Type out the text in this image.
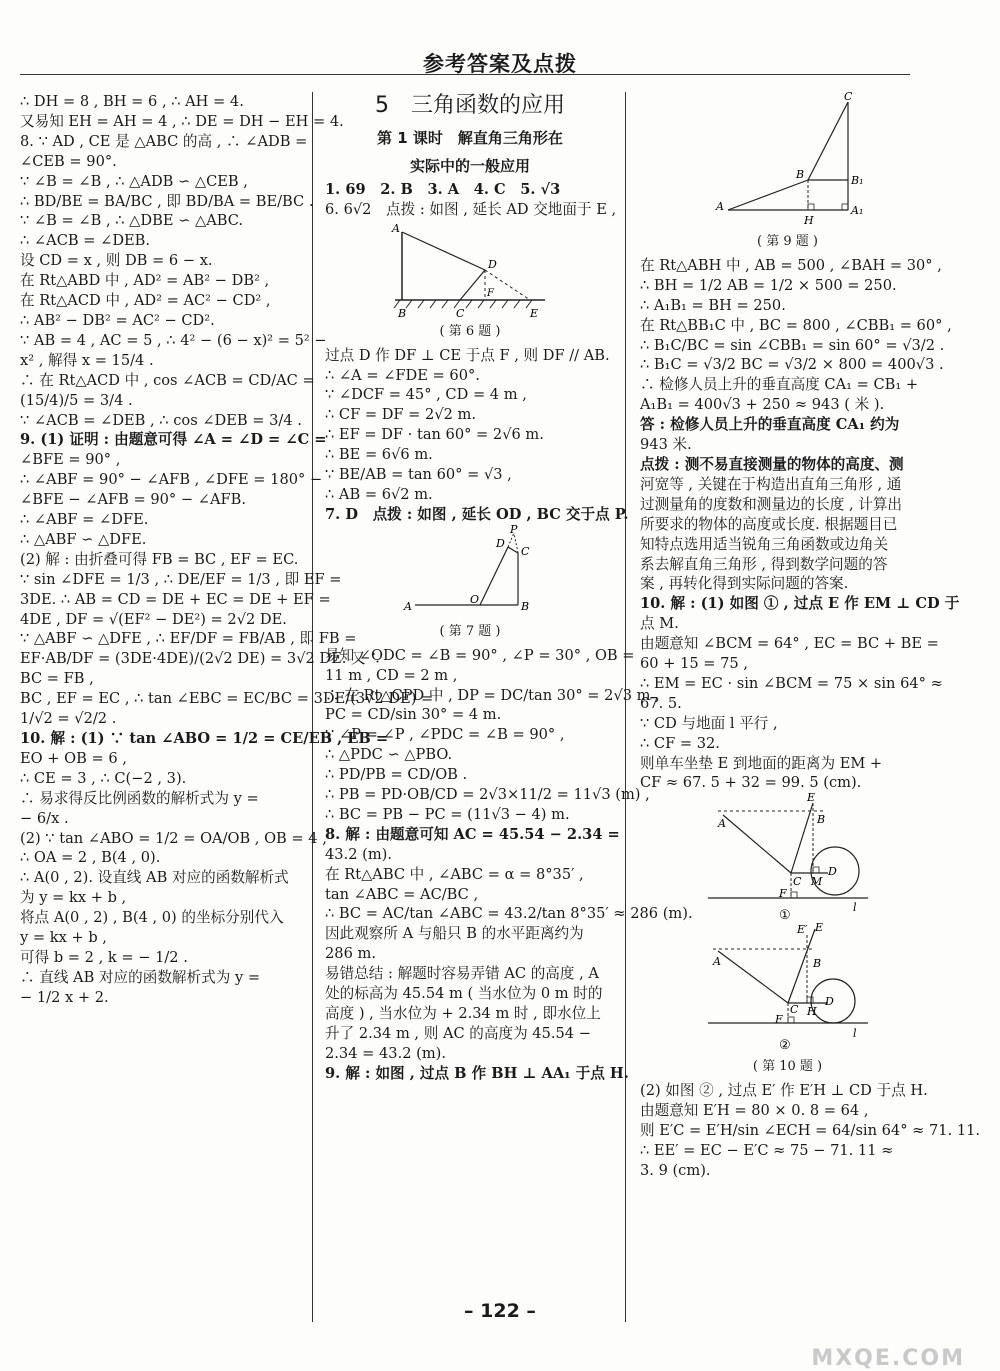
参考答案及点拨

∴ DH = 8 , BH = 6 , ∴ AH = 4.

又易知 EH = AH = 4 , ∴ DE = DH − EH = 4.

8. ∵ AD , CE 是 △ABC 的高 , ∴ ∠ADB =

∠CEB = 90°.

∵ ∠B = ∠B , ∴ △ADB ∽ △CEB ,

∴ BD/BE = BA/BC , 即 BD/BA = BE/BC .

∵ ∠B = ∠B , ∴ △DBE ∽ △ABC.

∴ ∠ACB = ∠DEB.

设 CD = x , 则 DB = 6 − x.

在 Rt△ABD 中 , AD² = AB² − DB² ,

在 Rt△ACD 中 , AD² = AC² − CD² ,

∴ AB² − DB² = AC² − CD².

∵ AB = 4 , AC = 5 , ∴ 4² − (6 − x)² = 5² −

x² , 解得 x = 15/4 .

∴ 在 Rt△ACD 中 , cos ∠ACB = CD/AC =

(15/4)/5 = 3/4 .

∵ ∠ACB = ∠DEB , ∴ cos ∠DEB = 3/4 .

9. (1) 证明 : 由题意可得 ∠A = ∠D = ∠C =

∠BFE = 90° ,

∴ ∠ABF = 90° − ∠AFB , ∠DFE = 180° −

∠BFE − ∠AFB = 90° − ∠AFB.

∴ ∠ABF = ∠DFE.

∴ △ABF ∽ △DFE.

(2) 解 : 由折叠可得 FB = BC , EF = EC.

∵ sin ∠DFE = 1/3 , ∴ DE/EF = 1/3 , 即 EF =

3DE. ∴ AB = CD = DE + EC = DE + EF =

4DE , DF = √(EF² − DE²) = 2√2 DE.

∵ △ABF ∽ △DFE , ∴ EF/DF = FB/AB , 即 FB =

EF·AB/DF = (3DE·4DE)/(2√2 DE) = 3√2 DE. 又 ∵

BC = FB ,

BC , EF = EC , ∴ tan ∠EBC = EC/BC = 3DE/(3√2 DE) =

1/√2 = √2/2 .

10. 解 : (1) ∵ tan ∠ABO = 1/2 = CE/EB , EB =

EO + OB = 6 ,

∴ CE = 3 , ∴ C(−2 , 3).

∴ 易求得反比例函数的解析式为 y =

− 6/x .

(2) ∵ tan ∠ABO = 1/2 = OA/OB , OB = 4 ,

∴ OA = 2 , B(4 , 0).

∴ A(0 , 2). 设直线 AB 对应的函数解析式

为 y = kx + b ,

将点 A(0 , 2) , B(4 , 0) 的坐标分别代入

y = kx + b ,

可得 b = 2 , k = − 1/2 .

∴ 直线 AB 对应的函数解析式为 y =

− 1/2 x + 2.

5　三角函数的应用
第 1 课时　解直角三角形在
实际中的一般应用

1. 69　2. B　3. A　4. C　5. √3

6. 6√2　点拨 : 如图 , 延长 AD 交地面于 E ,

A
B	C
D
F
E
( 第 6 题 )

过点 D 作 DF ⊥ CE 于点 F , 则 DF // AB.

∴ ∠A = ∠FDE = 60°.

∵ ∠DCF = 45° , CD = 4 m ,

∴ CF = DF = 2√2 m.

∴ EF = DF · tan 60° = 2√6 m.

∴ BE = 6√6 m.

∵ BE/AB = tan 60° = √3 ,

∴ AB = 6√2 m.

7. D　点拨 : 如图 , 延长 OD , BC 交于点 P.

P
D
C
A
O
B
( 第 7 题 )

易知 ∠ODC = ∠B = 90° , ∠P = 30° , OB =

11 m , CD = 2 m ,

∴ 在 Rt△CPD 中 , DP = DC/tan 30° = 2√3 m ,

PC = CD/sin 30° = 4 m.

∵ ∠P = ∠P , ∠PDC = ∠B = 90° ,

∴ △PDC ∽ △PBO.

∴ PD/PB = CD/OB .

∴ PB = PD·OB/CD = 2√3×11/2 = 11√3 (m) ,

∴ BC = PB − PC = (11√3 − 4) m.

8. 解 : 由题意可知 AC = 45.54 − 2.34 =

43.2 (m).

在 Rt△ABC 中 , ∠ABC = α = 8°35′ ,

tan ∠ABC = AC/BC ,

∴ BC = AC/tan ∠ABC = 43.2/tan 8°35′ ≈ 286 (m).

因此观察所 A 与船只 B 的水平距离约为

286 m.

易错总结 : 解题时容易弄错 AC 的高度 , A

处的标高为 45.54 m ( 当水位为 0 m 时的

高度 ) , 当水位为 + 2.34 m 时 , 即水位上

升了 2.34 m , 则 AC 的高度为 45.54 −

2.34 = 43.2 (m).

9. 解 : 如图 , 过点 B 作 BH ⊥ AA₁ 于点 H.

C
B	B₁
A
H
A₁
( 第 9 题 )

在 Rt△ABH 中 , AB = 500 , ∠BAH = 30° ,

∴ BH = 1/2 AB = 1/2 × 500 = 250.

∴ A₁B₁ = BH = 250.

在 Rt△BB₁C 中 , BC = 800 , ∠CBB₁ = 60° ,

∴ B₁C/BC = sin ∠CBB₁ = sin 60° = √3/2 .

∴ B₁C = √3/2 BC = √3/2 × 800 = 400√3 .

∴ 检修人员上升的垂直高度 CA₁ = CB₁ +

A₁B₁ = 400√3 + 250 ≈ 943 ( 米 ).

答 : 检修人员上升的垂直高度 CA₁ 约为

943 米.

点拨 : 测不易直接测量的物体的高度、测

河宽等 , 关键在于构造出直角三角形 , 通

过测量角的度数和测量边的长度 , 计算出

所要求的物体的高度或长度. 根据题目已

知特点选用适当锐角三角函数或边角关

系去解直角三角形 , 得到数学问题的答

案 , 再转化得到实际问题的答案.

10. 解 : (1) 如图 ① , 过点 E 作 EM ⊥ CD 于

点 M.

由题意知 ∠BCM = 64° , EC = BC + BE =

60 + 15 = 75 ,

∴ EM = EC · sin ∠BCM = 75 × sin 64° ≈

67. 5.

∵ CD 与地面 l 平行 ,

∴ CF = 32.

则单车坐垫 E 到地面的距离为 EM +

CF ≈ 67. 5 + 32 = 99. 5 (cm).

A
E
B
C M
D
F
l
①
A
E′ E
B
C H
D
F
l
②
( 第 10 题 )

(2) 如图 ② , 过点 E′ 作 E′H ⊥ CD 于点 H.

由题意知 E′H = 80 × 0. 8 = 64 ,

则 E′C = E′H/sin ∠ECH = 64/sin 64° ≈ 71. 11.

∴ EE′ = EC − E′C ≈ 75 − 71. 11 ≈

3. 9 (cm).

– 122 –
MXQE.COM
